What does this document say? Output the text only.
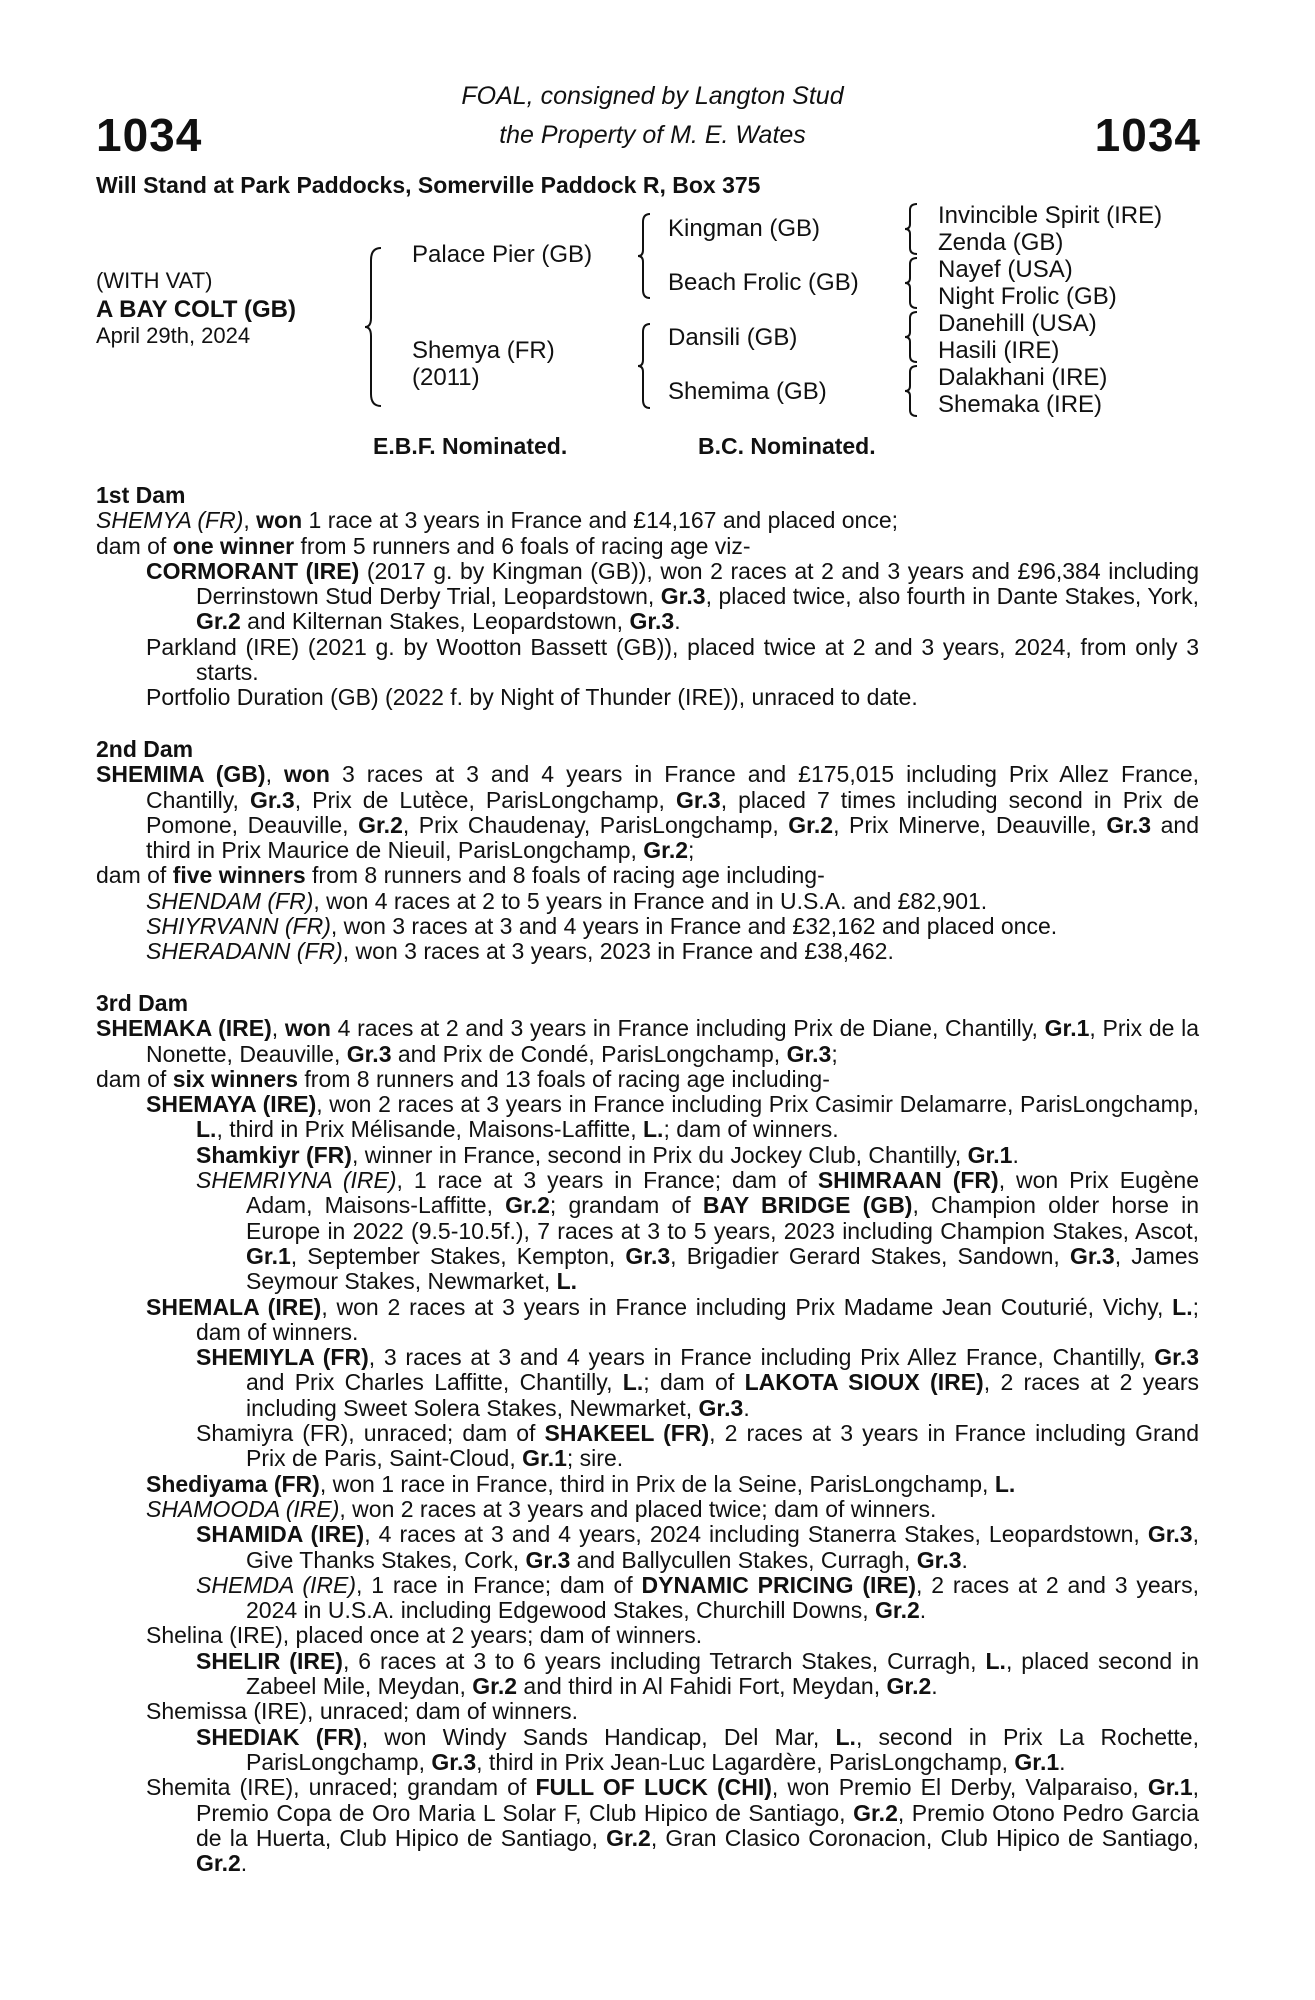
1034	1034
FOAL, consigned by Langton Stud
the Property of M. E. Wates
Will Stand at Park Paddocks, Somerville Paddock R, Box 375
(WITH VAT)
A BAY COLT (GB)
April 29th, 2024
Palace Pier (GB)
Shemya (FR)
(2011)
Kingman (GB)
Beach Frolic (GB)
Dansili (GB)
Shemima (GB)
Invincible Spirit (IRE)
Zenda (GB)
Nayef (USA)
Night Frolic (GB)
Danehill (USA)
Hasili (IRE)
Dalakhani (IRE)
Shemaka (IRE)
E.B.F. Nominated.	B.C. Nominated.

1st Dam

SHEMYA (FR), won 1 race at 3 years in France and £14,167 and placed once;

dam of one winner from 5 runners and 6 foals of racing age viz-

CORMORANT (IRE) (2017 g. by Kingman (GB)), won 2 races at 2 and 3 years and £96,384 including Derrinstown Stud Derby Trial, Leopardstown, Gr.3, placed twice, also fourth in Dante Stakes, York, Gr.2 and Kilternan Stakes, Leopardstown, Gr.3.

Parkland (IRE) (2021 g. by Wootton Bassett (GB)), placed twice at 2 and 3 years, 2024, from only 3 starts.

Portfolio Duration (GB) (2022 f. by Night of Thunder (IRE)), unraced to date.

2nd Dam

SHEMIMA (GB), won 3 races at 3 and 4 years in France and £175,015 including Prix Allez France, Chantilly, Gr.3, Prix de Lutèce, ParisLongchamp, Gr.3, placed 7 times including second in Prix de Pomone, Deauville, Gr.2, Prix Chaudenay, ParisLongchamp, Gr.2, Prix Minerve, Deauville, Gr.3 and third in Prix Maurice de Nieuil, ParisLongchamp, Gr.2;

dam of five winners from 8 runners and 8 foals of racing age including-

SHENDAM (FR), won 4 races at 2 to 5 years in France and in U.S.A. and £82,901.

SHIYRVANN (FR), won 3 races at 3 and 4 years in France and £32,162 and placed once.

SHERADANN (FR), won 3 races at 3 years, 2023 in France and £38,462.

3rd Dam

SHEMAKA (IRE), won 4 races at 2 and 3 years in France including Prix de Diane, Chantilly, Gr.1, Prix de la Nonette, Deauville, Gr.3 and Prix de Condé, ParisLongchamp, Gr.3;

dam of six winners from 8 runners and 13 foals of racing age including-

SHEMAYA (IRE), won 2 races at 3 years in France including Prix Casimir Delamarre, ParisLongchamp, L., third in Prix Mélisande, Maisons-Laffitte, L.; dam of winners.

Shamkiyr (FR), winner in France, second in Prix du Jockey Club, Chantilly, Gr.1.

SHEMRIYNA (IRE), 1 race at 3 years in France; dam of SHIMRAAN (FR), won Prix Eugène Adam, Maisons-Laffitte, Gr.2; grandam of BAY BRIDGE (GB), Champion older horse in Europe in 2022 (9.5-10.5f.), 7 races at 3 to 5 years, 2023 including Champion Stakes, Ascot, Gr.1, September Stakes, Kempton, Gr.3, Brigadier Gerard Stakes, Sandown, Gr.3, James Seymour Stakes, Newmarket, L.

SHEMALA (IRE), won 2 races at 3 years in France including Prix Madame Jean Couturié, Vichy, L.; dam of winners.

SHEMIYLA (FR), 3 races at 3 and 4 years in France including Prix Allez France, Chantilly, Gr.3 and Prix Charles Laffitte, Chantilly, L.; dam of LAKOTA SIOUX (IRE), 2 races at 2 years including Sweet Solera Stakes, Newmarket, Gr.3.

Shamiyra (FR), unraced; dam of SHAKEEL (FR), 2 races at 3 years in France including Grand Prix de Paris, Saint-Cloud, Gr.1; sire.

Shediyama (FR), won 1 race in France, third in Prix de la Seine, ParisLongchamp, L.

SHAMOODA (IRE), won 2 races at 3 years and placed twice; dam of winners.

SHAMIDA (IRE), 4 races at 3 and 4 years, 2024 including Stanerra Stakes, Leopardstown, Gr.3, Give Thanks Stakes, Cork, Gr.3 and Ballycullen Stakes, Curragh, Gr.3.

SHEMDA (IRE), 1 race in France; dam of DYNAMIC PRICING (IRE), 2 races at 2 and 3 years, 2024 in U.S.A. including Edgewood Stakes, Churchill Downs, Gr.2.

Shelina (IRE), placed once at 2 years; dam of winners.

SHELIR (IRE), 6 races at 3 to 6 years including Tetrarch Stakes, Curragh, L., placed second in Zabeel Mile, Meydan, Gr.2 and third in Al Fahidi Fort, Meydan, Gr.2.

Shemissa (IRE), unraced; dam of winners.

SHEDIAK (FR), won Windy Sands Handicap, Del Mar, L., second in Prix La Rochette, ParisLongchamp, Gr.3, third in Prix Jean-Luc Lagardère, ParisLongchamp, Gr.1.

Shemita (IRE), unraced; grandam of FULL OF LUCK (CHI), won Premio El Derby, Valparaiso, Gr.1, Premio Copa de Oro Maria L Solar F, Club Hipico de Santiago, Gr.2, Premio Otono Pedro Garcia de la Huerta, Club Hipico de Santiago, Gr.2, Gran Clasico Coronacion, Club Hipico de Santiago, Gr.2.
